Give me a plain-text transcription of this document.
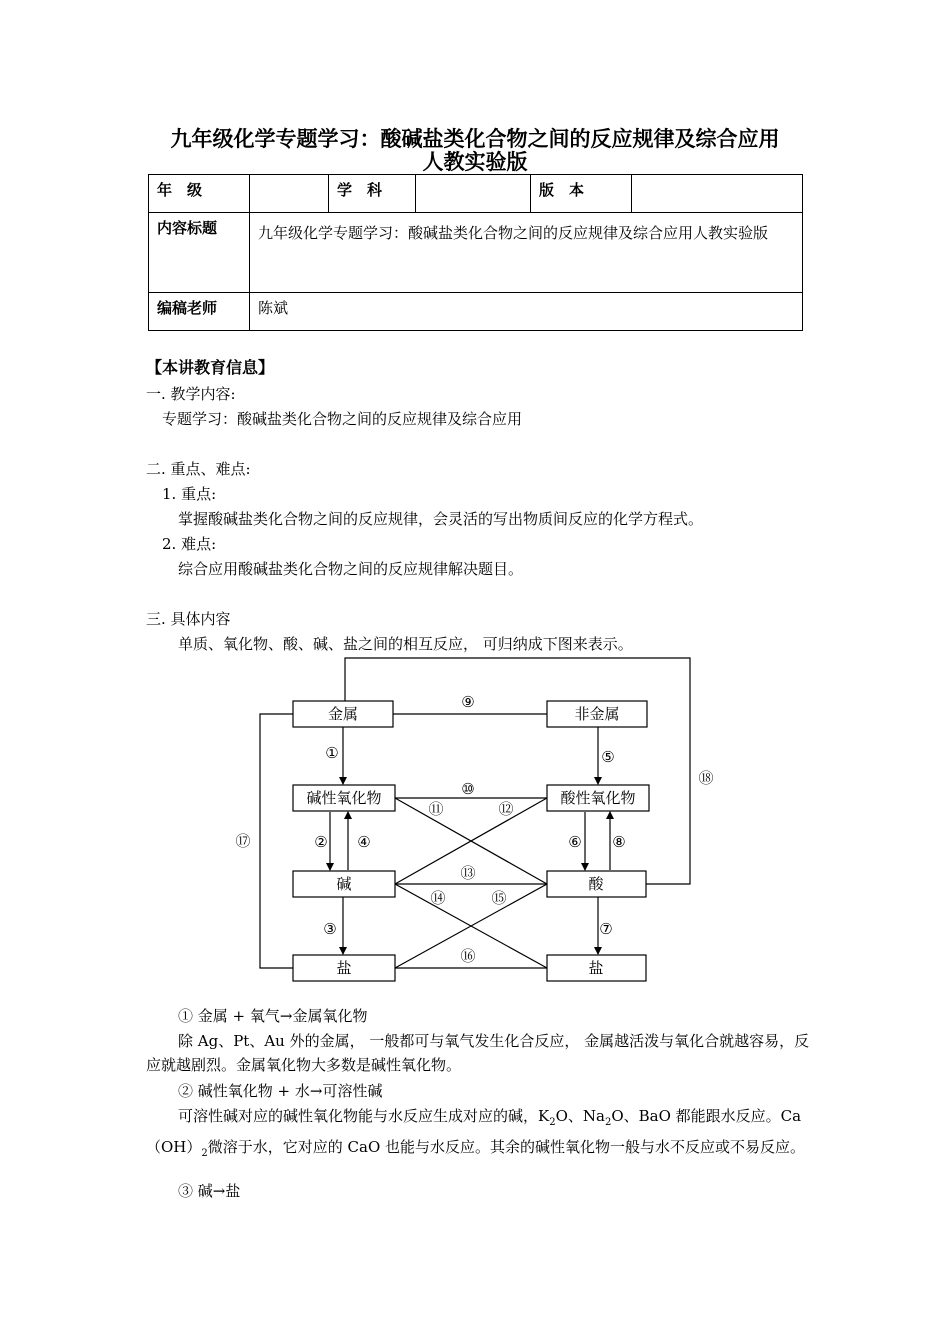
九年级化学专题学习：酸碱盐类化合物之间的反应规律及综合应用
人教实验版
年　级		学　科		版　本	
内容标题	九年级化学专题学习：酸碱盐类化合物之间的反应规律及综合应用人教实验版				
编稿老师	陈斌				
【本讲教育信息】
一. 教学内容:
专题学习：酸碱盐类化合物之间的反应规律及综合应用
二. 重点、难点:
1. 重点:
掌握酸碱盐类化合物之间的反应规律，会灵活的写出物质间反应的化学方程式。
2. 难点:
综合应用酸碱盐类化合物之间的反应规律解决题目。
三. 具体内容
单质、氧化物、酸、碱、盐之间的相互反应， 可归纳成下图来表示。
金属	非金属
碱性氧化物	酸性氧化物
碱	酸
盐	盐
①
②
③
④
⑤
⑥
⑦
⑧
⑨
⑩
⑪	⑫
⑬
⑭	⑮
⑯
⑰
⑱
① 金属 + 氧气→金属氧化物
除 Ag、Pt、Au 外的金属， 一般都可与氧气发生化合反应， 金属越活泼与氧化合就越容易，反应就越剧烈。金属氧化物大多数是碱性氧化物。
② 碱性氧化物 + 水→可溶性碱
可溶性碱对应的碱性氧化物能与水反应生成对应的碱，$K_2O$、$Na_2O$、BaO 都能跟水反应。$Ca(OH)_2$微溶于水，它对应的 CaO 也能与水反应。其余的碱性氧化物一般与水不反应或不易反应。
③ 碱→盐
